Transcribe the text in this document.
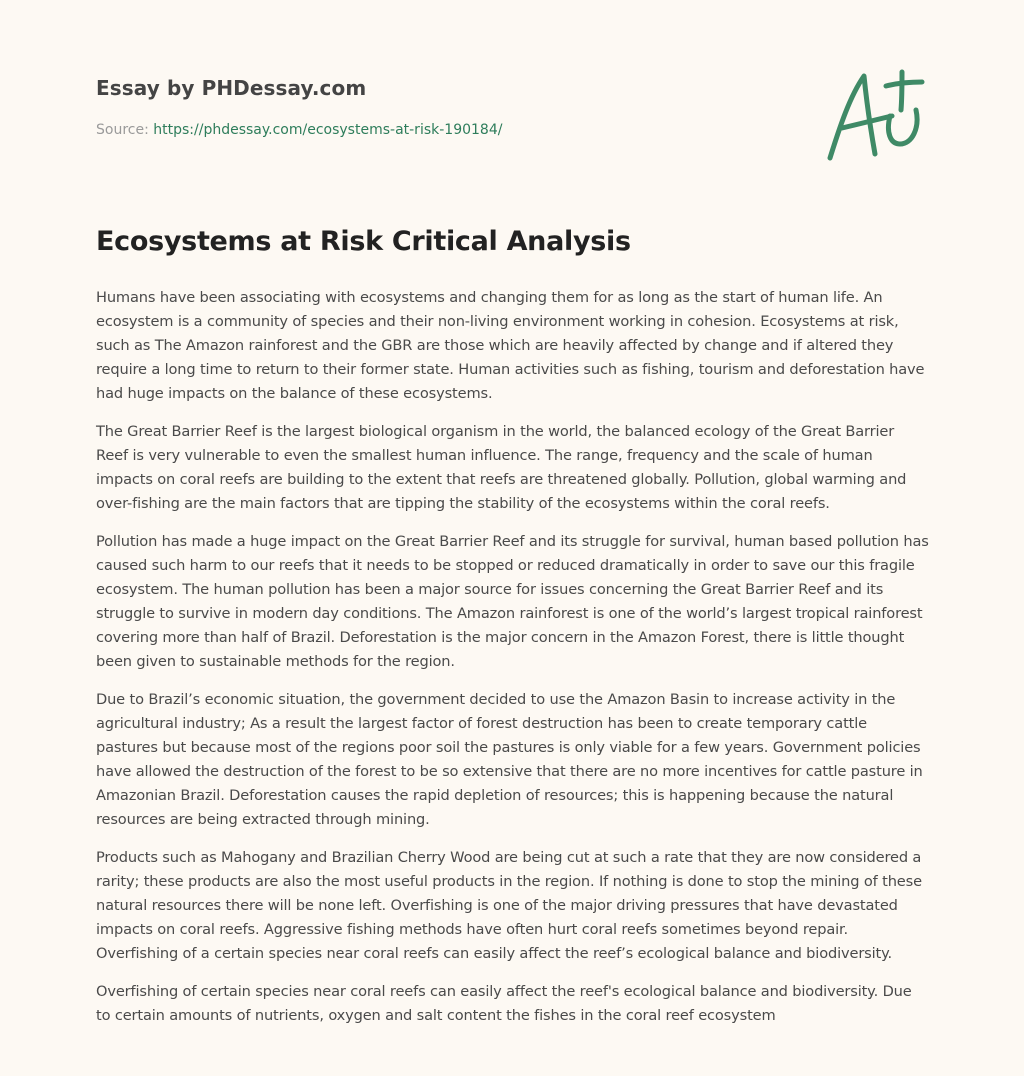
Essay by PHDessay.com
Source: https://phdessay.com/ecosystems-at-risk-190184/
Ecosystems at Risk Critical Analysis

Humans have been associating with ecosystems and changing them for as long as the start of human life. An ecosystem is a community of species and their non-living environment working in cohesion. Ecosystems at risk, such as The Amazon rainforest and the GBR are those which are heavily affected by change and if altered they require a long time to return to their former state. Human activities such as fishing, tourism and deforestation have had huge impacts on the balance of these ecosystems.

The Great Barrier Reef is the largest biological organism in the world, the balanced ecology of the Great Barrier Reef is very vulnerable to even the smallest human influence. The range, frequency and the scale of human impacts on coral reefs are building to the extent that reefs are threatened globally. Pollution, global warming and over-fishing are the main factors that are tipping the stability of the ecosystems within the coral reefs.

Pollution has made a huge impact on the Great Barrier Reef and its struggle for survival, human based pollution has caused such harm to our reefs that it needs to be stopped or reduced dramatically in order to save our this fragile ecosystem. The human pollution has been a major source for issues concerning the Great Barrier Reef and its struggle to survive in modern day conditions. The Amazon rainforest is one of the world’s largest tropical rainforest covering more than half of Brazil. Deforestation is the major concern in the Amazon Forest, there is little thought been given to sustainable methods for the region.

Due to Brazil’s economic situation, the government decided to use the Amazon Basin to increase activity in the agricultural industry; As a result the largest factor of forest destruction has been to create temporary cattle pastures but because most of the regions poor soil the pastures is only viable for a few years. Government policies have allowed the destruction of the forest to be so extensive that there are no more incentives for cattle pasture in Amazonian Brazil. Deforestation causes the rapid depletion of resources; this is happening because the natural resources are being extracted through mining.

Products such as Mahogany and Brazilian Cherry Wood are being cut at such a rate that they are now considered a rarity; these products are also the most useful products in the region. If nothing is done to stop the mining of these natural resources there will be none left. Overfishing is one of the major driving pressures that have devastated impacts on coral reefs. Aggressive fishing methods have often hurt coral reefs sometimes beyond repair. Overfishing of a certain species near coral reefs can easily affect the reef’s ecological balance and biodiversity.

Overfishing of certain species near coral reefs can easily affect the reef's ecological balance and biodiversity. Due to certain amounts of nutrients, oxygen and salt content the fishes in the coral reef ecosystem
